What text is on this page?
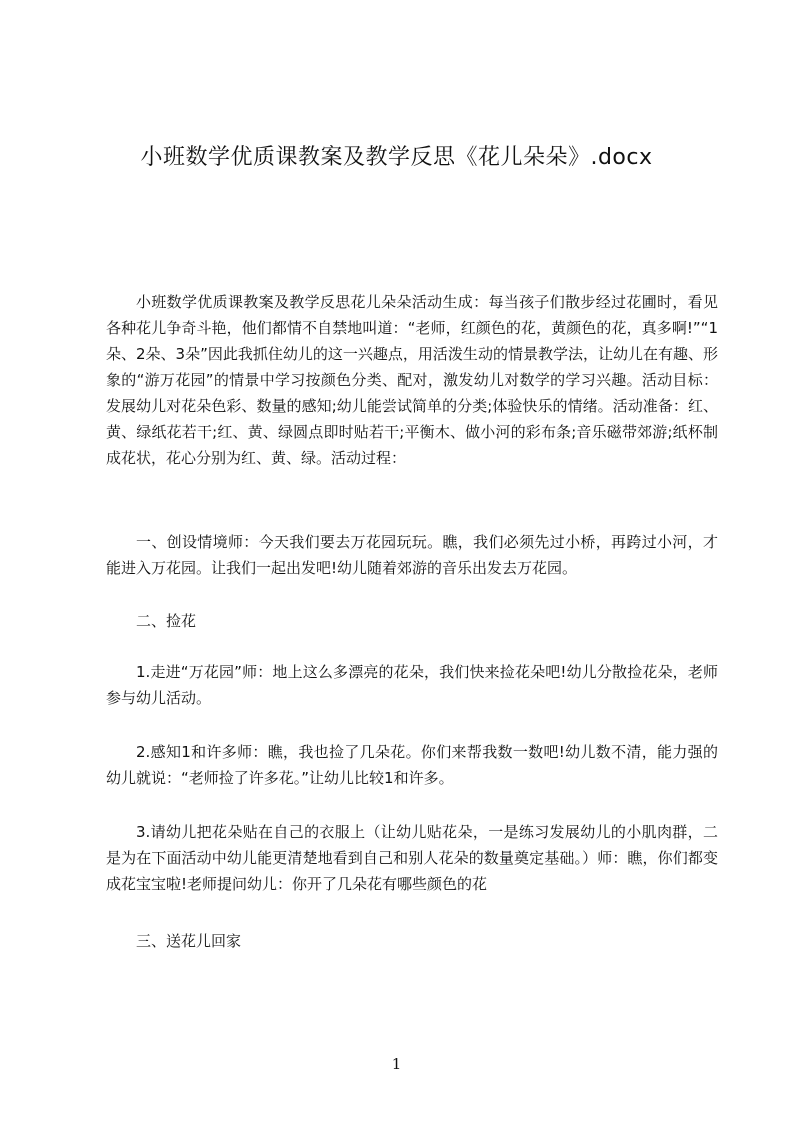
小班数学优质课教案及教学反思《花儿朵朵》.docx

小班数学优质课教案及教学反思花儿朵朵活动生成：每当孩子们散步经过花圃时，看见各种花儿争奇斗艳，他们都情不自禁地叫道：“老师，红颜色的花，黄颜色的花，真多啊!”“1朵、2朵、3朵”因此我抓住幼儿的这一兴趣点，用活泼生动的情景教学法，让幼儿在有趣、形象的“游万花园”的情景中学习按颜色分类、配对，激发幼儿对数学的学习兴趣。活动目标：发展幼儿对花朵色彩、数量的感知;幼儿能尝试简单的分类;体验快乐的情绪。活动准备：红、黄、绿纸花若干;红、黄、绿圆点即时贴若干;平衡木、做小河的彩布条;音乐磁带郊游;纸杯制成花状，花心分别为红、黄、绿。活动过程：

一、创设情境师：今天我们要去万花园玩玩。瞧，我们必须先过小桥，再跨过小河，才能进入万花园。让我们一起出发吧!幼儿随着郊游的音乐出发去万花园。

二、捡花

1.走进“万花园”师：地上这么多漂亮的花朵，我们快来捡花朵吧!幼儿分散捡花朵，老师参与幼儿活动。

2.感知1和许多师：瞧，我也捡了几朵花。你们来帮我数一数吧!幼儿数不清，能力强的幼儿就说：“老师捡了许多花。”让幼儿比较1和许多。

3.请幼儿把花朵贴在自己的衣服上（让幼儿贴花朵，一是练习发展幼儿的小肌肉群，二是为在下面活动中幼儿能更清楚地看到自己和别人花朵的数量奠定基础。）师：瞧，你们都变成花宝宝啦!老师提问幼儿：你开了几朵花有哪些颜色的花

三、送花儿回家

1
